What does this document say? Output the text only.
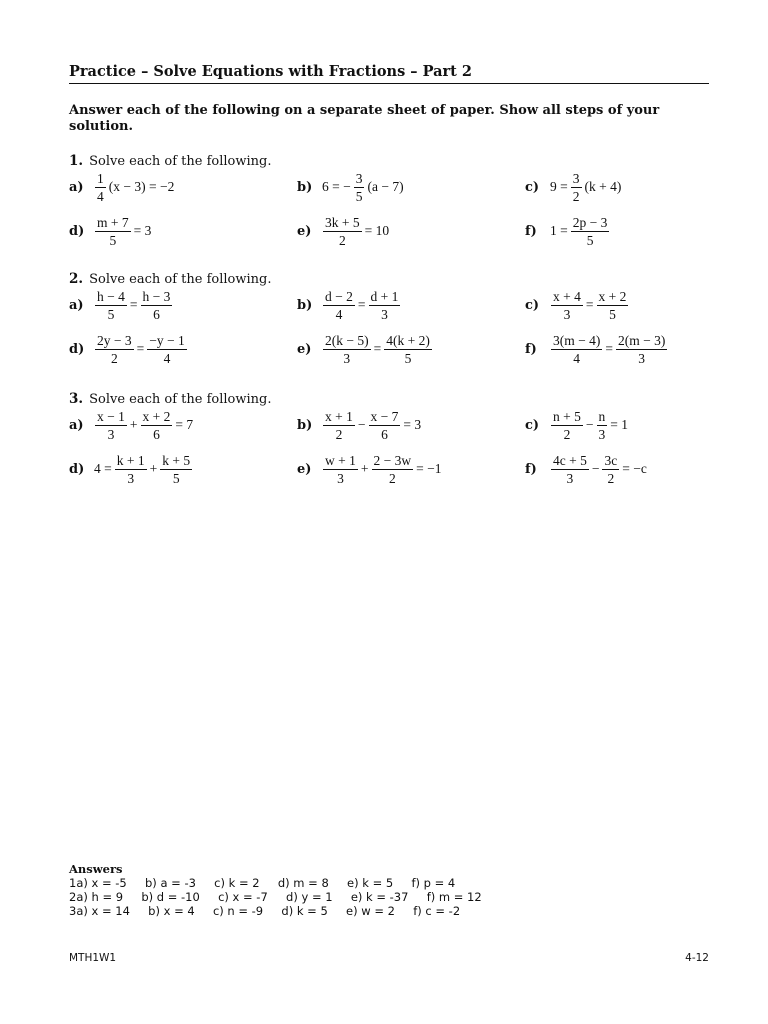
Practice – Solve Equations with Fractions – Part 2
Answer each of the following on a separate sheet of paper. Show all steps of your solution.
1. Solve each of the following.
$a) \frac{1}{4} (x - 3) = -2$	b) 6 = − $\frac{3}{5} (a - 7)$	c) $9 = \frac{3}{2} (k + 4)$
$d) \frac{m + 7}{5} = 3$	$e) \frac{3k + 5}{2} = 10$	f) $1 = \frac{2p - 3}{5}$
2. Solve each of the following.
$a) \frac{h - 4}{5} = \frac{h - 3}{6}$	$b) \frac{d - 2}{4} = \frac{d + 1}{3}$	$c) \frac{x + 4}{3} = \frac{x + 2}{5}$
$d) \frac{2y - 3}{2} = \frac{-y - 1}{4}$	$e) \frac{2(k - 5)}{3} = \frac{4(k + 2)}{5}$	f)	$\frac{3(m - 4)}{4} = \frac{2(m - 3)}{3}$
3. Solve each of the following.
$a) \frac{x - 1}{3} + \frac{x + 2}{6} = 7$	$b) \frac{x + 1}{2} - \frac{x - 7}{6} = 3$	$c) \frac{n + 5}{2} - \frac{n}{3} = 1$
d) $4 = \frac{k + 1}{3} + \frac{k + 5}{5}$	$e) \frac{w + 1}{3} + \frac{2 - 3w}{2} = -1$	f)	$\frac{4c + 5}{3} - \frac{3c}{2} = -c$
Answers
1a) x = -5     b) a = -3     c) k = 2     d) m = 8     e) k = 5     f) p = 4
2a) h = 9     b) d = -10     c) x = -7     d) y = 1     e) k = -37     f) m = 12
3a) x = 14     b) x = 4     c) n = -9     d) k = 5     e) w = 2     f) c = -2
MTH1W1	4-12
